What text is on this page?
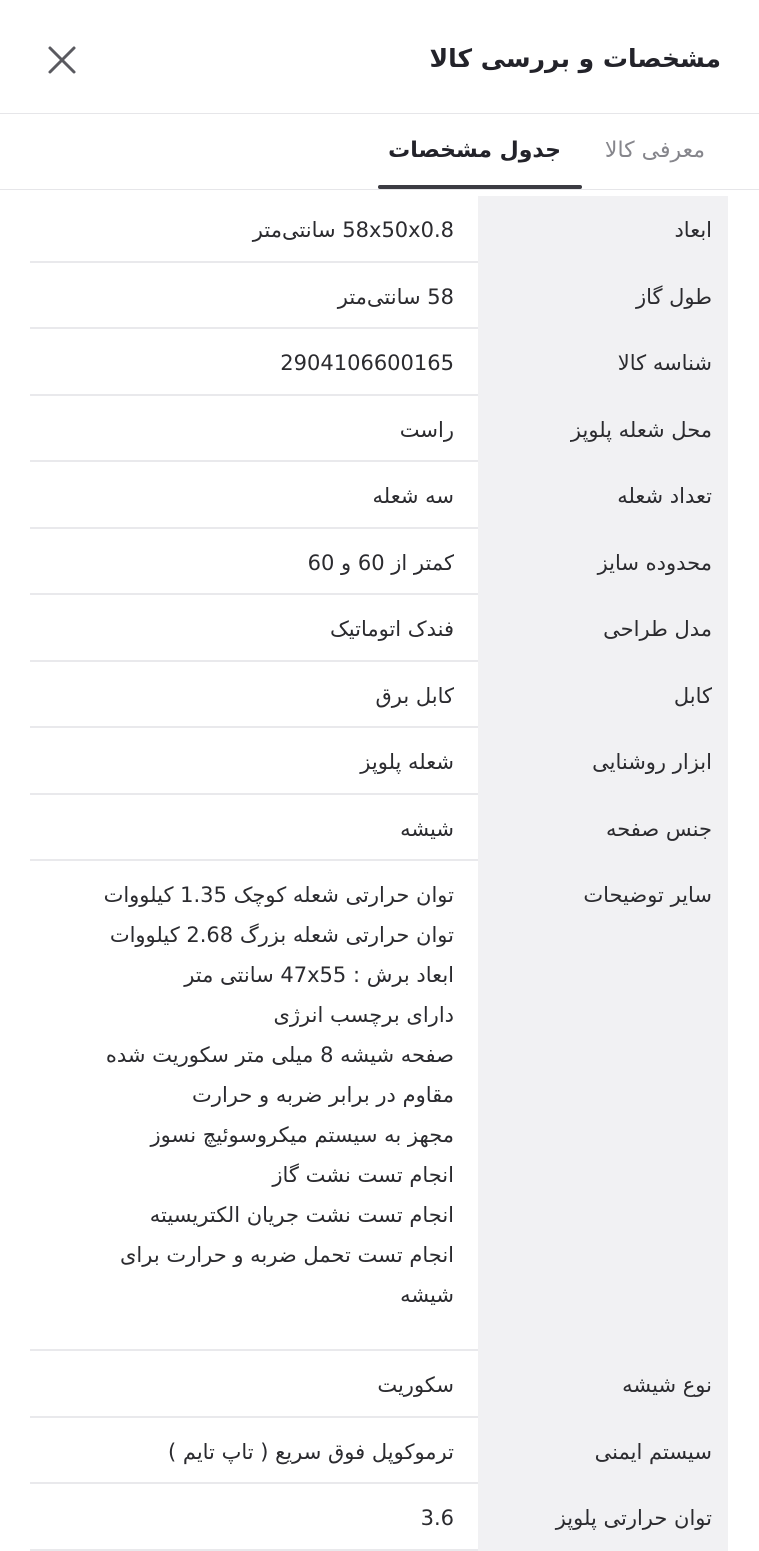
مشخصات و بررسی کالا
معرفی کالا
جدول مشخصات
ابعاد
58x50x0.8 سانتی‌متر
طول گاز
58 سانتی‌متر
شناسه کالا
2904106600165
محل شعله پلوپز
راست
تعداد شعله
سه شعله
محدوده سایز
کمتر از 60 و 60
مدل طراحی
فندک اتوماتیک
کابل
کابل برق
ابزار روشنایی
شعله پلوپز
جنس صفحه
شیشه
سایر توضیحات
توان حرارتی شعله کوچک 1.35 کیلووات
توان حرارتی شعله بزرگ 2.68 کیلووات
ابعاد برش : 47x55 سانتی متر
دارای برچسب انرژی
صفحه شیشه 8 میلی متر سکوریت شده
مقاوم در برابر ضربه و حرارت
مجهز به سیستم میکروسوئیچ نسوز
انجام تست نشت گاز
انجام تست نشت جریان الکتریسیته
انجام تست تحمل ضربه و حرارت برای
شیشه
نوع شیشه
سکوریت
سیستم ایمنی
ترموکوپل فوق سریع ( تاپ تایم )
توان حرارتی پلوپز
3.6
